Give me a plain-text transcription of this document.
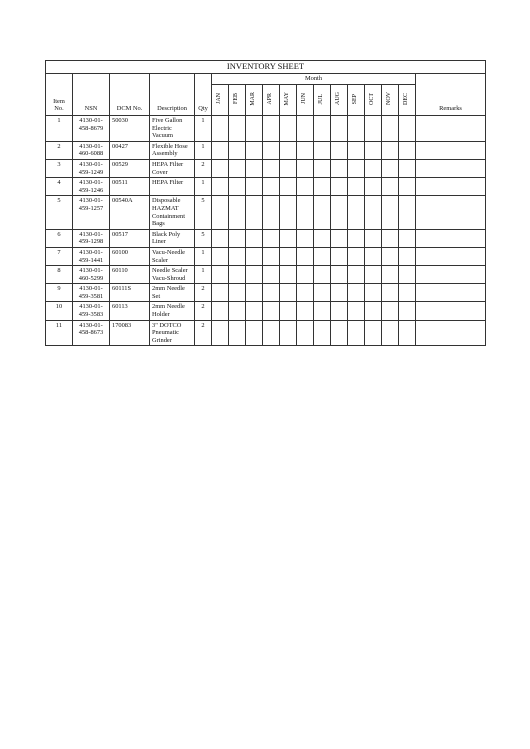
INVENTORY SHEET																	
Item No.	NSN	DCM No.	Description	Qty	Month												Remarks
					JAN	FEB	MAR	APR	MAY	JUN	JUL	AUG	SEP	OCT	NOV	DEC	
1	4130-01-458-8679	50030	Five Gallon Electric Vacuum	1													
2	4130-01-460-6088	00427	Flexible Hose Assembly	1													
3	4130-01-459-1249	00529	HEPA Filter Cover	2													
4	4130-01-459-1246	00511	HEPA Filter	1													
5	4130-01-459-1257	00540A	Disposable HAZMAT Containment Bags	5													
6	4130-01-459-1298	00517	Black Poly Liner	5													
7	4130-01-459-1441	60100	Vacu-Needle Scaler	1													
8	4130-01-460-5299	60110	Needle Scaler Vacu-Shroud	1													
9	4130-01-459-3581	60111S	2mm Needle Set	2													
10	4130-01-459-3583	60113	2mm Needle Holder	2													
11	4130-01-458-8673	170083	3" DOTCO Pneumatic Grinder	2													
